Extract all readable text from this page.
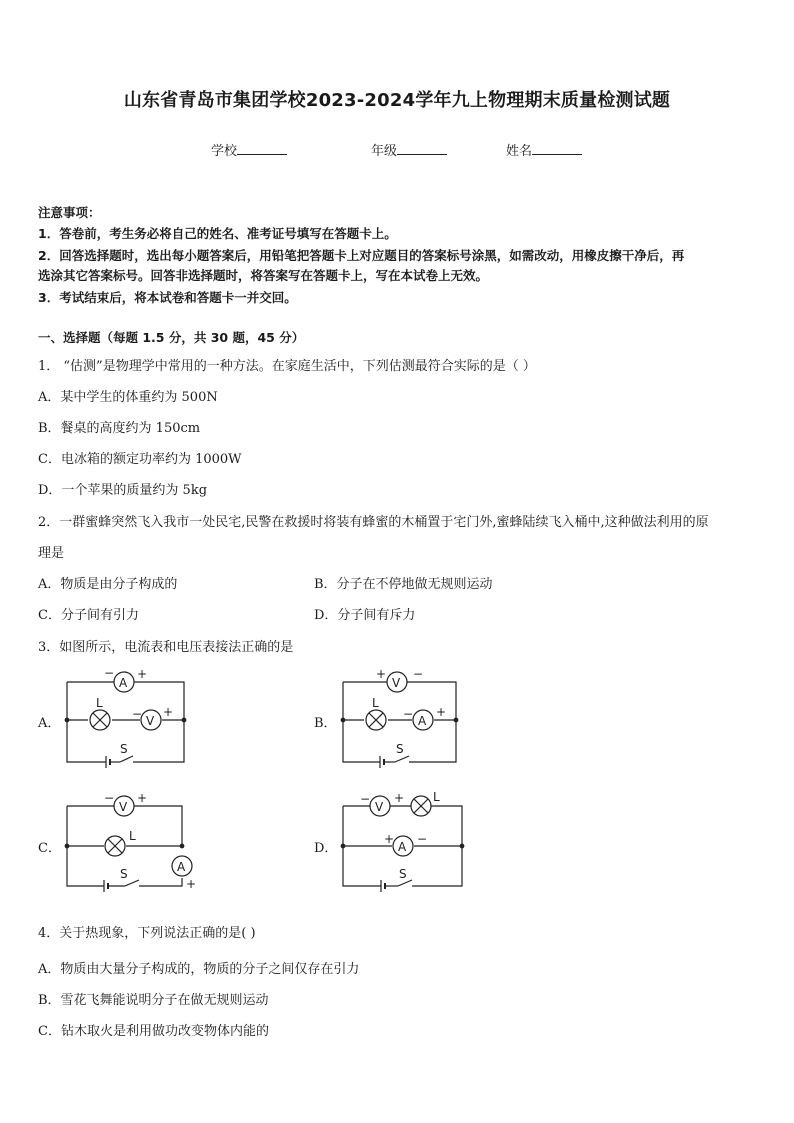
山东省青岛市集团学校2023-2024学年九上物理期末质量检测试题
学校	年级	姓名
注意事项：
1．答卷前，考生务必将自己的姓名、准考证号填写在答题卡上。
2．回答选择题时，选出每小题答案后，用铅笔把答题卡上对应题目的答案标号涂黑，如需改动，用橡皮擦干净后，再
选涂其它答案标号。回答非选择题时，将答案写在答题卡上，写在本试卷上无效。
3．考试结束后，将本试卷和答题卡一并交回。
一、选择题（每题 1.5 分，共 30 题，45 分）
1． “估测”是物理学中常用的一种方法。在家庭生活中，下列估测最符合实际的是（ ）
A．某中学生的体重约为 500N
B．餐桌的高度约为 150cm
C．电冰箱的额定功率约为 1000W
D．一个苹果的质量约为 5kg
2．一群蜜蜂突然飞入我市一处民宅,民警在救援时将装有蜂蜜的木桶置于宅门外,蜜蜂陆续飞入桶中,这种做法利用的原
理是
A．物质是由分子构成的	B．分子在不停地做无规则运动
C．分子间有引力	D．分子间有斥力
3．如图所示，电流表和电压表接法正确的是
A．	B．
C．	D．
A
− +
L
V
− +
S
V
+ −
L
A
− +
S
V
− +
L
A
+
S
V
− + L
A
+ −
S
4．关于热现象，下列说法正确的是( )
A．物质由大量分子构成的，物质的分子之间仅存在引力
B．雪花飞舞能说明分子在做无规则运动
C．钻木取火是利用做功改变物体内能的
